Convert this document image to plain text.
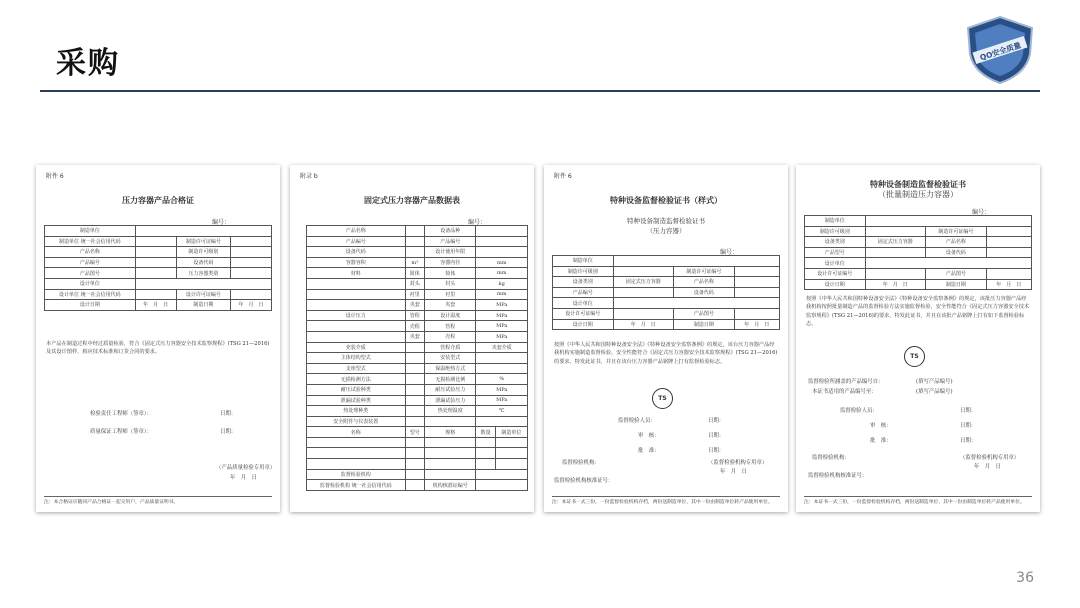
采购	QO安全质量
附件 6
压力容器产品合格证
编号：
制造单位			
制造单位 统一社会信用代码		制造许可证编号	
产品名称		制造许可级别	
产品编号		设备代码	
产品图号		压力容器类别	
设计单位			
设计单位 统一社会信用代码		设计许可证编号	
设计日期	年　月　日	制造日期	年　月　日
本产品在制造过程中经过质量检验，符合《固定式压力容器安全技术监察规程》(TSG 21—2016) 及其设计图样、相应技术标准和订货合同的要求。
检验责任工程师（签章）：	日期：
质量保证工程师（签章）：	日期：
（产品质量检验专用章）
年　月　日
注：本合格证应随同产品合格证一起交用户，产品质量证明书。
附录 b
固定式压力容器产品数据表
编号：
产品名称		设备品种		
产品编号		产品编号		
设备代码		设计使用年限		
容器容积	m³	容器内径	mm	
材料	简体	简体	mm	
	封头	封头	kg	
	衬里	衬里	mm	
	夹套	夹套	MPa	
设计压力	管程	设计温度	MPa	
	壳程	管程	MPa	
	夹套	壳程	MPa	
充装介质		管程介质	夹套介质	
主体结构型式		安装型式		
支座型式		保温绝热方式		
无损检测方法		无损检测比例	%	
耐压试验种类		耐压试验压力	MPa	
泄漏试验种类		泄漏试验压力	MPa	
热处理种类		热处理温度	℃	
安全附件与仪表装置				
名称	型号	规格	数量	制造单位

监督检验机构				
监督检验机构 统一社会信用代码		机构核准证编号		
附件 6
特种设备监督检验证书（样式）
特种设备制造监督检验证书
（压力容器）
编号：
制造单位			
制造许可级别		制造许可证编号	
设备类别	固定式压力容器	产品名称	
产品编号		设备代码	
设计单位			
设计许可证编号		产品图号	
设计日期	年　月　日	制造日期	年　月　日
按照《中华人民共和国特种设备安全法》《特种设备安全监察条例》的规定，该台压力容器产品经我机构实施制造监督检验，安全性能符合《固定式压力容器安全技术监察规程》(TSG 21—2016)的要求，特发此证书，并且在该台压力容器产品铭牌上打有监督检验标志。
TS
监督检验人员：	日期：
审　核：	日期：
批　准：	日期：
监督检验机构：	（监督检验机构专用章）
年　月　日
监督检验机构核准证号：
注：本证书一式三份，一份监督检验机构存档，两份送制造单位，其中一份由制造单位转产品使用单位。
特种设备制造监督检验证书
（批量制造压力容器）
编号：
制造单位			
制造许可级别		制造许可证编号	
设备类别	固定式压力容器	产品名称	
产品型号		设备代码	
设计单位			
设计许可证编号		产品图号	
设计日期	年　月　日	制造日期	年　月　日
按照《中华人民共和国特种设备安全法》《特种设备安全监察条例》的规定，该批压力容器产品经我机构按照批量制造产品的监督检验方法实施监督检验，安全性能符合《固定式压力容器安全技术监察规程》(TSG 21—2016)的要求，特发此证书，并且在该批产品铭牌上打有如下监督检验标志。
TS
监督检验所涵盖的产品编号自：	(填写产品编号)
本证书适用的产品编号至：	(填写产品编号)
监督检验人员：	日期：
审　核：	日期：
批　准：	日期：
监督检验机构：	（监督检验机构专用章）
年　月　日
监督检验机构核准证号：
注：本证书一式三份，一份监督检验机构存档，两份送制造单位，其中一份由制造单位转产品使用单位。
36
